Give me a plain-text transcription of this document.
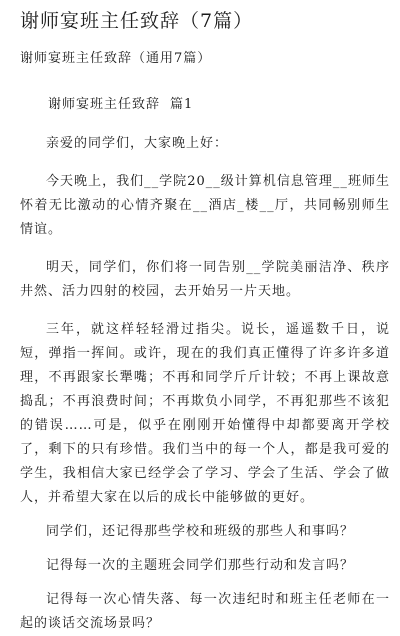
谢师宴班主任致辞（7篇）
谢师宴班主任致辞（通用7篇）
谢师宴班主任致辞 篇1

亲爱的同学们，大家晚上好：

今天晚上，我们__学院20__级计算机信息管理__班师生怀着无比激动的心情齐聚在__酒店_楼__厅，共同畅别师生情谊。

明天，同学们，你们将一同告别__学院美丽洁净、秩序井然、活力四射的校园，去开始另一片天地。

三年，就这样轻轻滑过指尖。说长，遥遥数千日，说短，弹指一挥间。或许，现在的我们真正懂得了许多许多道理，不再跟家长犟嘴；不再和同学斤斤计较；不再上课故意捣乱；不再浪费时间；不再欺负小同学，不再犯那些不该犯的错误……可是，似乎在刚刚开始懂得中却都要离开学校了，剩下的只有珍惜。我们当中的每一个人，都是我可爱的学生，我相信大家已经学会了学习、学会了生活、学会了做人，并希望大家在以后的成长中能够做的更好。

同学们，还记得那些学校和班级的那些人和事吗？

记得每一次的主题班会同学们那些行动和发言吗？

记得每一次心情失落、每一次违纪时和班主任老师在一起的谈话交流场景吗？
